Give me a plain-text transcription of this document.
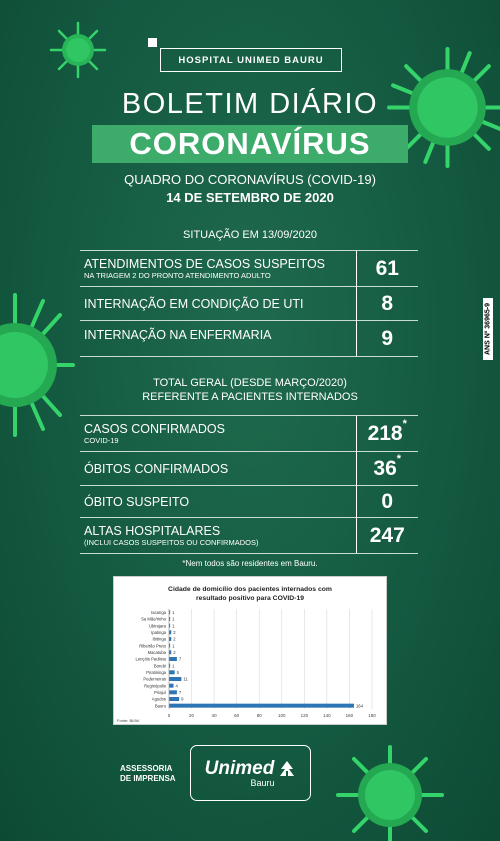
HOSPITAL UNIMED BAURU
BOLETIM DIÁRIO
CORONAVÍRUS
QUADRO DO CORONAVÍRUS (COVID-19)
14 DE SETEMBRO DE 2020
SITUAÇÃO EM 13/09/2020
ATENDIMENTOS DE CASOS SUSPEITOS
NA TRIAGEM 2 DO PRONTO ATENDIMENTO ADULTO	61

INTERNAÇÃO EM CONDIÇÃO DE UTI	8

INTERNAÇÃO NA ENFERMARIA	9	ANS Nº 36965-9
TOTAL GERAL (DESDE MARÇO/2020)
REFERENTE A PACIENTES INTERNADOS
CASOS CONFIRMADOS
COVID-19	218*

ÓBITOS CONFIRMADOS	36*

ÓBITO SUSPEITO	0

ALTAS HOSPITALARES
(INCLUI CASOS SUSPEITOS OU CONFIRMADOS)	247
*Nem todos são residentes em Bauru.
Cidade de domicílio dos pacientes internados com
resultado positivo para COVID-19
0	20	40	60	80	100	120	140	160	180
Iacanga 1
Sa Mãe/rinho 1
Ubirajara 1
Ipatinga 2
Ibitinga 2
Ribeirão Preto 1
Macatuba 2
Lençóis Paulista	7
Borebi 1
Piratininga	5
Pederneiras	11
Reginópolis 4
Pirajuí	7
Agudos	9
Bauru	164
Fonte: BI/AV
ASSESSORIA
DE IMPRENSA Unimed
Bauru
